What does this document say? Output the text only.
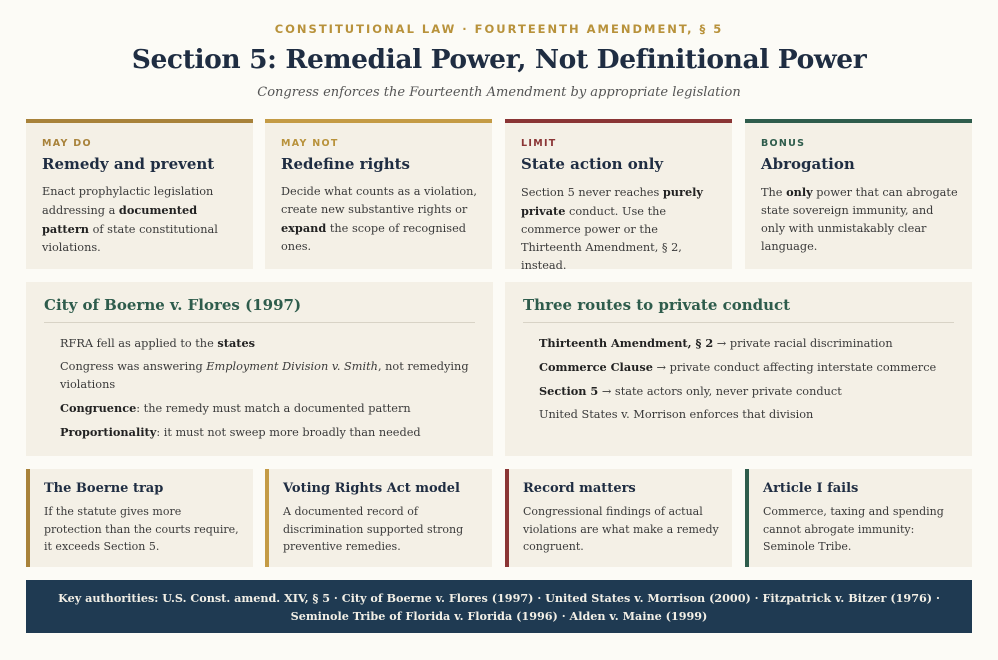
CONSTITUTIONAL LAW · FOURTEENTH AMENDMENT, § 5
Section 5: Remedial Power, Not Definitional Power
Congress enforces the Fourteenth Amendment by appropriate legislation
MAY DO
Remedy and prevent
Enact prophylactic legislation addressing a documented pattern of state constitutional violations.
MAY NOT
Redefine rights
Decide what counts as a violation, create new substantive rights or expand the scope of recognised ones.
LIMIT
State action only
Section 5 never reaches purely private conduct. Use the commerce power or the Thirteenth Amendment, § 2, instead.
BONUS
Abrogation
The only power that can abrogate state sovereign immunity, and only with unmistakably clear language.
City of Boerne v. Flores (1997)
RFRA fell as applied to the states
Congress was answering Employment Division v. Smith, not remedying violations
Congruence: the remedy must match a documented pattern
Proportionality: it must not sweep more broadly than needed
Three routes to private conduct
Thirteenth Amendment, § 2 → private racial discrimination
Commerce Clause → private conduct affecting interstate commerce
Section 5 → state actors only, never private conduct
United States v. Morrison enforces that division
The Boerne trap
If the statute gives more protection than the courts require, it exceeds Section 5.
Voting Rights Act model
A documented record of discrimination supported strong preventive remedies.
Record matters
Congressional findings of actual violations are what make a remedy congruent.
Article I fails
Commerce, taxing and spending cannot abrogate immunity: Seminole Tribe.
Key authorities: U.S. Const. amend. XIV, § 5 · City of Boerne v. Flores (1997) · United States v. Morrison (2000) · Fitzpatrick v. Bitzer (1976) · Seminole Tribe of Florida v. Florida (1996) · Alden v. Maine (1999)
